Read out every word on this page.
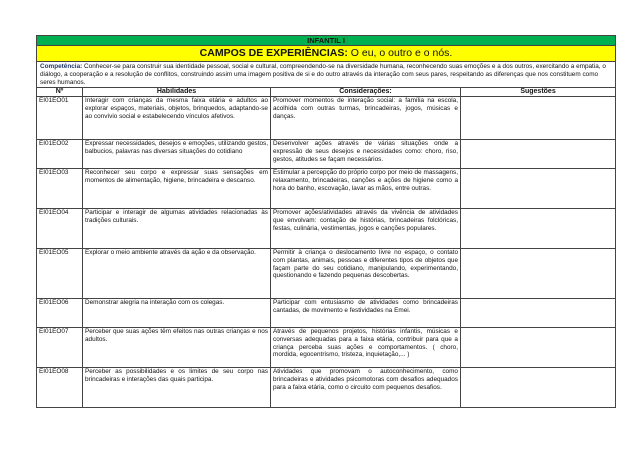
INFANTIL I			
CAMPOS DE EXPERIÊNCIAS: O eu, o outro e o nós.			
Competência: Conhecer-se para construir sua identidade pessoal, social e cultural, compreendendo-se na diversidade humana, reconhecendo suas emoções e a dos outros, exercitando a empatia, o diálogo, a cooperação e a resolução de conflitos, construindo assim uma imagem positiva de si e do outro através da interação com seus pares, respeitando as diferenças que nos constituem como seres humanos.			
Nº	Habilidades	Considerações:	Sugestões
EI01EO01	Interagir com crianças da mesma faixa etária e adultos ao explorar espaços, materiais, objetos, brinquedos, adaptando-se ao convívio social e estabelecendo vínculos afetivos.	Promover momentos de interação social: a família na escola, acolhida com outras turmas, brincadeiras, jogos, músicas e danças.	
EI01EO02	Expressar necessidades, desejos e emoções, utilizando gestos, balbucios, palavras nas diversas situações do cotidiano	Desenvolver ações através de várias situações onde a expressão de seus desejos e necessidades como: choro, riso, gestos, atitudes se façam necessários.	
EI01EO03	Reconhecer seu corpo e expressar suas sensações em momentos de alimentação, higiene, brincadeira e descanso.	Estimular a percepção do próprio corpo por meio de massagens, relaxamento, brincadeiras, canções e ações de higiene como a hora do banho, escovação, lavar as mãos, entre outras.	
EI01EO04	Participar e interagir de algumas atividades relacionadas às tradições culturais.	Promover ações/atividades através da vivência de atividades que envolvam: contação de histórias, brincadeiras folclóricas, festas, culinária, vestimentas, jogos e canções populares.	
EI01EO05	Explorar o meio ambiente através da ação e da observação.	Permitir à criança o deslocamento livre no espaço, o contato com plantas, animais, pessoas e diferentes tipos de objetos que façam parte do seu cotidiano, manipulando, experimentando, questionando e fazendo pequenas descobertas.	
EI01EO06	Demonstrar alegria na interação com os colegas.	Participar com entusiasmo de atividades como brincadeiras cantadas, de movimento e festividades na Emei.	
EI01EO07	Perceber que suas ações têm efeitos nas outras crianças e nos adultos.	Através de pequenos projetos, histórias infantis, músicas e conversas adequadas para a faixa etária, contribuir para que a criança perceba suas ações e comportamentos. ( choro, mordida, egocentrismo, tristeza, inquietação,... )	
EI01EO08	Perceber as possibilidades e os limites de seu corpo nas brincadeiras e interações das quais participa.	Atividades que promovam o autoconhecimento, como brincadeiras e atividades psicomotoras com desafios adequados para a faixa etária, como o circuito com pequenos desafios.	
